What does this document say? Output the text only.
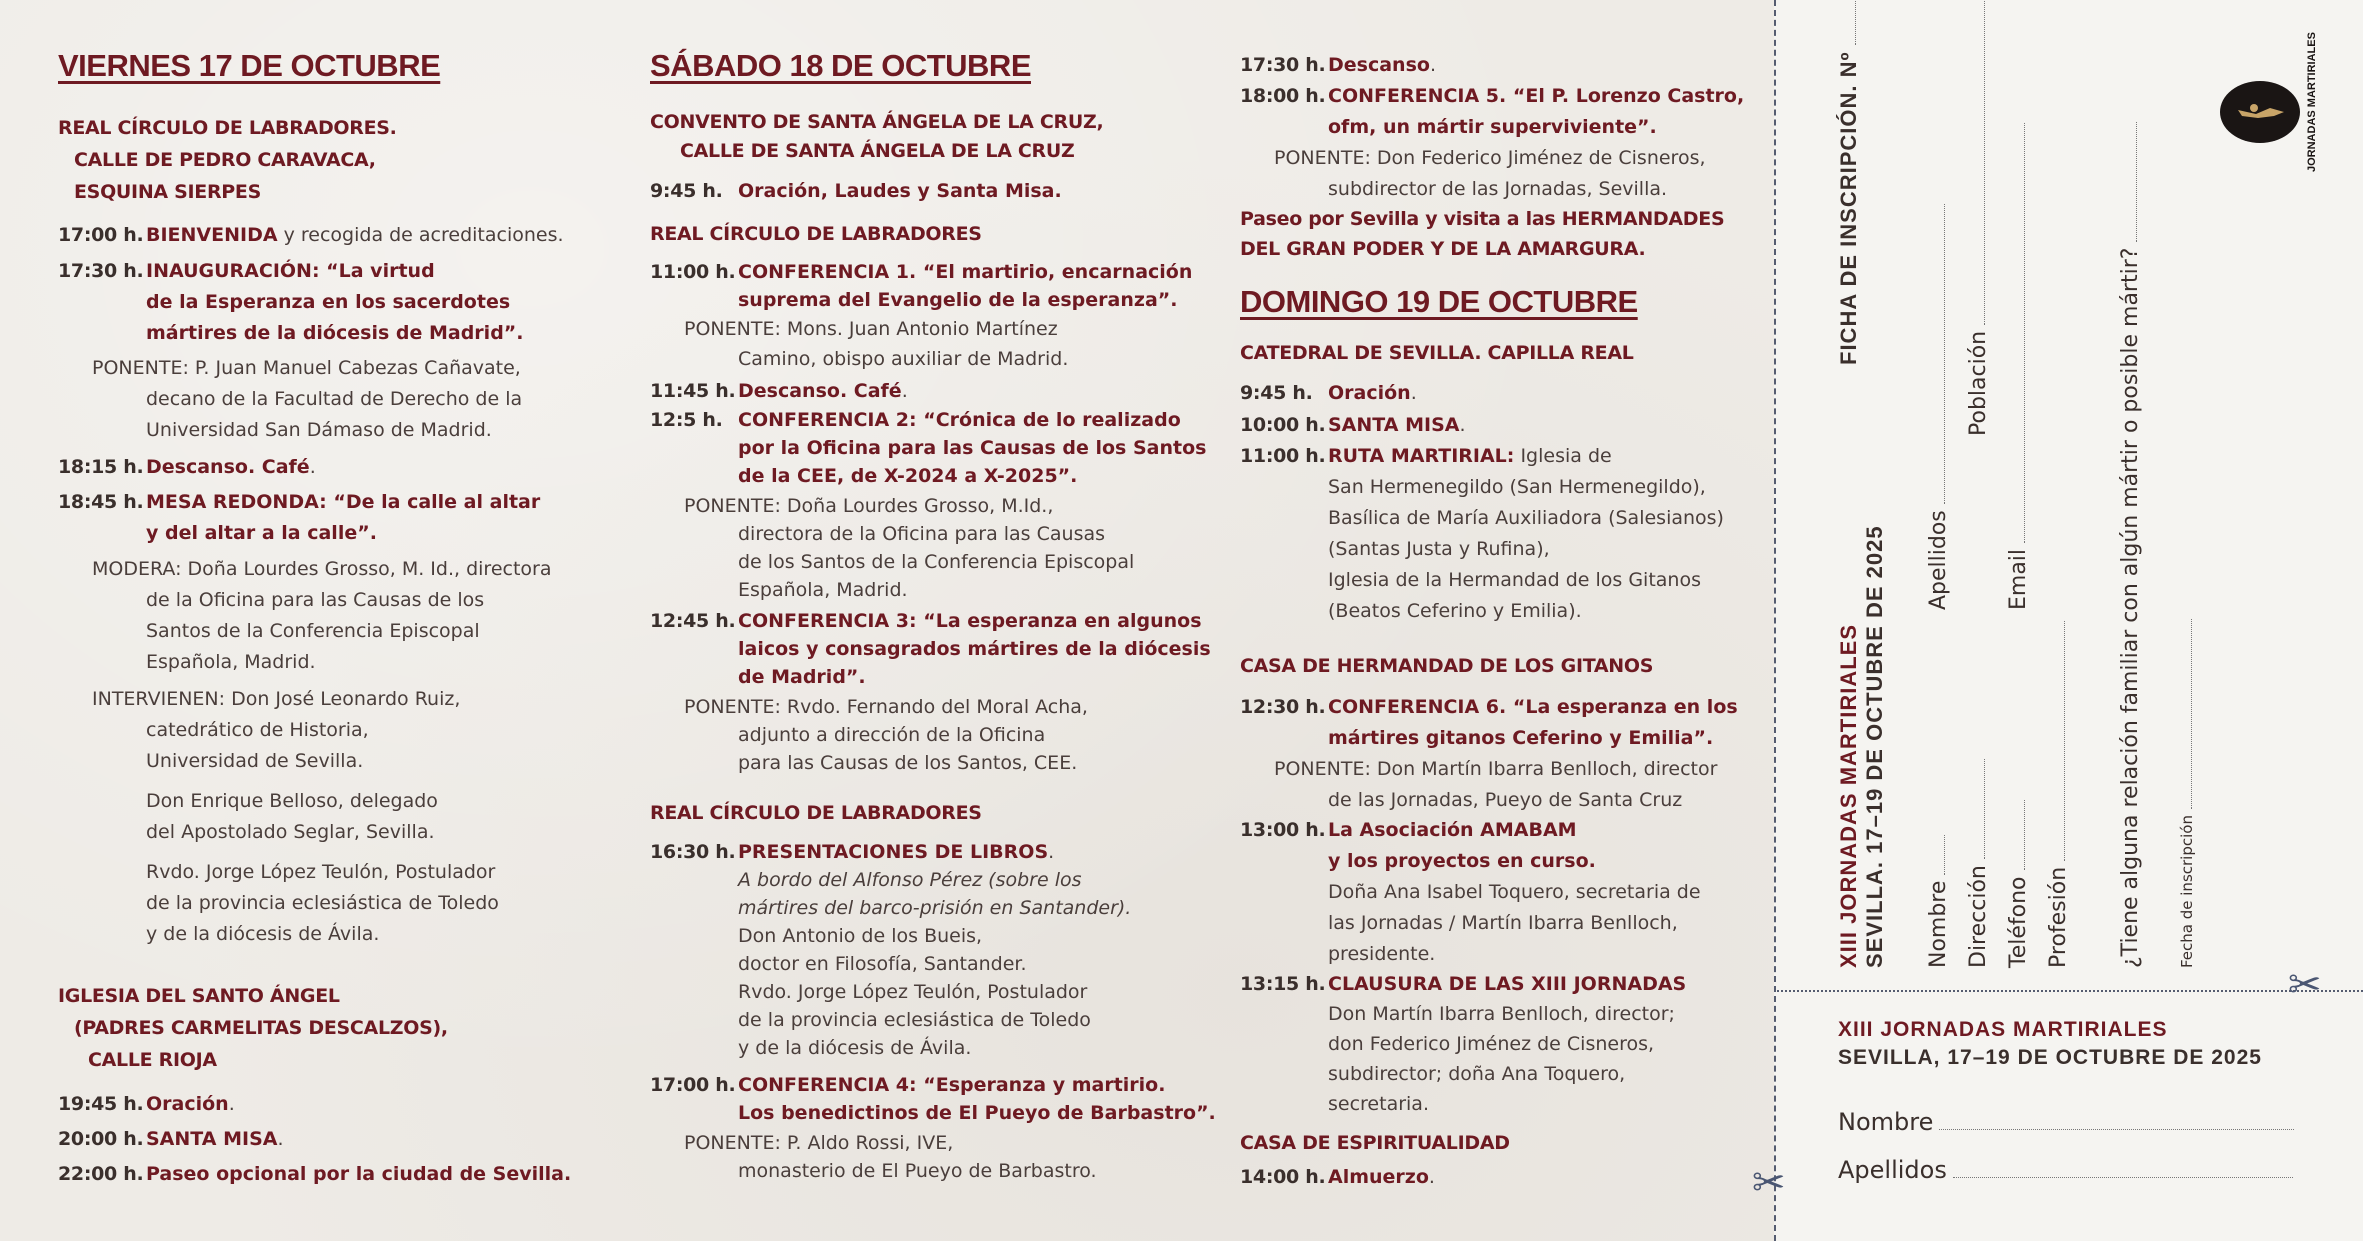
VIERNES 17 DE OCTUBRE
REAL CÍRCULO DE LABRADORES.
CALLE DE PEDRO CARAVACA,
ESQUINA SIERPES
17:00 h. BIENVENIDA y recogida de acreditaciones.
17:30 h. INAUGURACIÓN: “La virtud
de la Esperanza en los sacerdotes
mártires de la diócesis de Madrid”.
PONENTE: P. Juan Manuel Cabezas Cañavate,
decano de la Facultad de Derecho de la
Universidad San Dámaso de Madrid.
18:15 h. Descanso. Café.
18:45 h. MESA REDONDA: “De la calle al altar
y del altar a la calle”.
MODERA: Doña Lourdes Grosso, M. Id., directora
de la Oficina para las Causas de los
Santos de la Conferencia Episcopal
Española, Madrid.
INTERVIENEN: Don José Leonardo Ruiz,
catedrático de Historia,
Universidad de Sevilla.
Don Enrique Belloso, delegado
del Apostolado Seglar, Sevilla.
Rvdo. Jorge López Teulón, Postulador
de la provincia eclesiástica de Toledo
y de la diócesis de Ávila.
IGLESIA DEL SANTO ÁNGEL
(PADRES CARMELITAS DESCALZOS),
CALLE RIOJA
19:45 h. Oración.
20:00 h. SANTA MISA.
22:00 h. Paseo opcional por la ciudad de Sevilla.
SÁBADO 18 DE OCTUBRE
CONVENTO DE SANTA ÁNGELA DE LA CRUZ,
CALLE DE SANTA ÁNGELA DE LA CRUZ
9:45 h. Oración, Laudes y Santa Misa.
REAL CÍRCULO DE LABRADORES
11:00 h. CONFERENCIA 1. “El martirio, encarnación
suprema del Evangelio de la esperanza”.
PONENTE: Mons. Juan Antonio Martínez
Camino, obispo auxiliar de Madrid.
11:45 h. Descanso. Café.
12:5 h. CONFERENCIA 2: “Crónica de lo realizado
por la Oficina para las Causas de los Santos
de la CEE, de X-2024 a X-2025”.
PONENTE: Doña Lourdes Grosso, M.Id.,
directora de la Oficina para las Causas
de los Santos de la Conferencia Episcopal
Española, Madrid.
12:45 h. CONFERENCIA 3: “La esperanza en algunos
laicos y consagrados mártires de la diócesis
de Madrid”.
PONENTE: Rvdo. Fernando del Moral Acha,
adjunto a dirección de la Oficina
para las Causas de los Santos, CEE.
REAL CÍRCULO DE LABRADORES
16:30 h. PRESENTACIONES DE LIBROS.
A bordo del Alfonso Pérez (sobre los
mártires del barco-prisión en Santander).
Don Antonio de los Bueis,
doctor en Filosofía, Santander.
Rvdo. Jorge López Teulón, Postulador
de la provincia eclesiástica de Toledo
y de la diócesis de Ávila.
17:00 h. CONFERENCIA 4: “Esperanza y martirio.
Los benedictinos de El Pueyo de Barbastro”.
PONENTE: P. Aldo Rossi, IVE,
monasterio de El Pueyo de Barbastro.
17:30 h. Descanso.
18:00 h. CONFERENCIA 5. “El P. Lorenzo Castro,
ofm, un mártir superviviente”.
PONENTE: Don Federico Jiménez de Cisneros,
subdirector de las Jornadas, Sevilla.
Paseo por Sevilla y visita a las HERMANDADES
DEL GRAN PODER Y DE LA AMARGURA.
DOMINGO 19 DE OCTUBRE
CATEDRAL DE SEVILLA. CAPILLA REAL
9:45 h. Oración.
10:00 h. SANTA MISA.
11:00 h. RUTA MARTIRIAL: Iglesia de
San Hermenegildo (San Hermenegildo),
Basílica de María Auxiliadora (Salesianos)
(Santas Justa y Rufina),
Iglesia de la Hermandad de los Gitanos
(Beatos Ceferino y Emilia).
CASA DE HERMANDAD DE LOS GITANOS
12:30 h. CONFERENCIA 6. “La esperanza en los
mártires gitanos Ceferino y Emilia”.
PONENTE: Don Martín Ibarra Benlloch, director
de las Jornadas, Pueyo de Santa Cruz
13:00 h. La Asociación AMABAM
y los proyectos en curso.
Doña Ana Isabel Toquero, secretaria de
las Jornadas / Martín Ibarra Benlloch,
presidente.
13:15 h. CLAUSURA DE LAS XIII JORNADAS
Don Martín Ibarra Benlloch, director;
don Federico Jiménez de Cisneros,
subdirector; doña Ana Toquero,
secretaria.
CASA DE ESPIRITUALIDAD
14:00 h. Almuerzo.	✂
FICHA DE INSCRIPCIÓN. Nº
XIII JORNADAS MARTIRIALES SEVILLA. 17–19 DE OCTUBRE DE 2025 Nombre
Apellidos
Dirección
Población
Teléfono
Email
Profesión ¿Tiene alguna relación familiar con algún mártir o posible mártir? Fecha de inscripción
JORNADAS MARTIRIALES
✂
XIII JORNADAS MARTIRIALES
SEVILLA, 17–19 DE OCTUBRE DE 2025
Nombre
Apellidos
